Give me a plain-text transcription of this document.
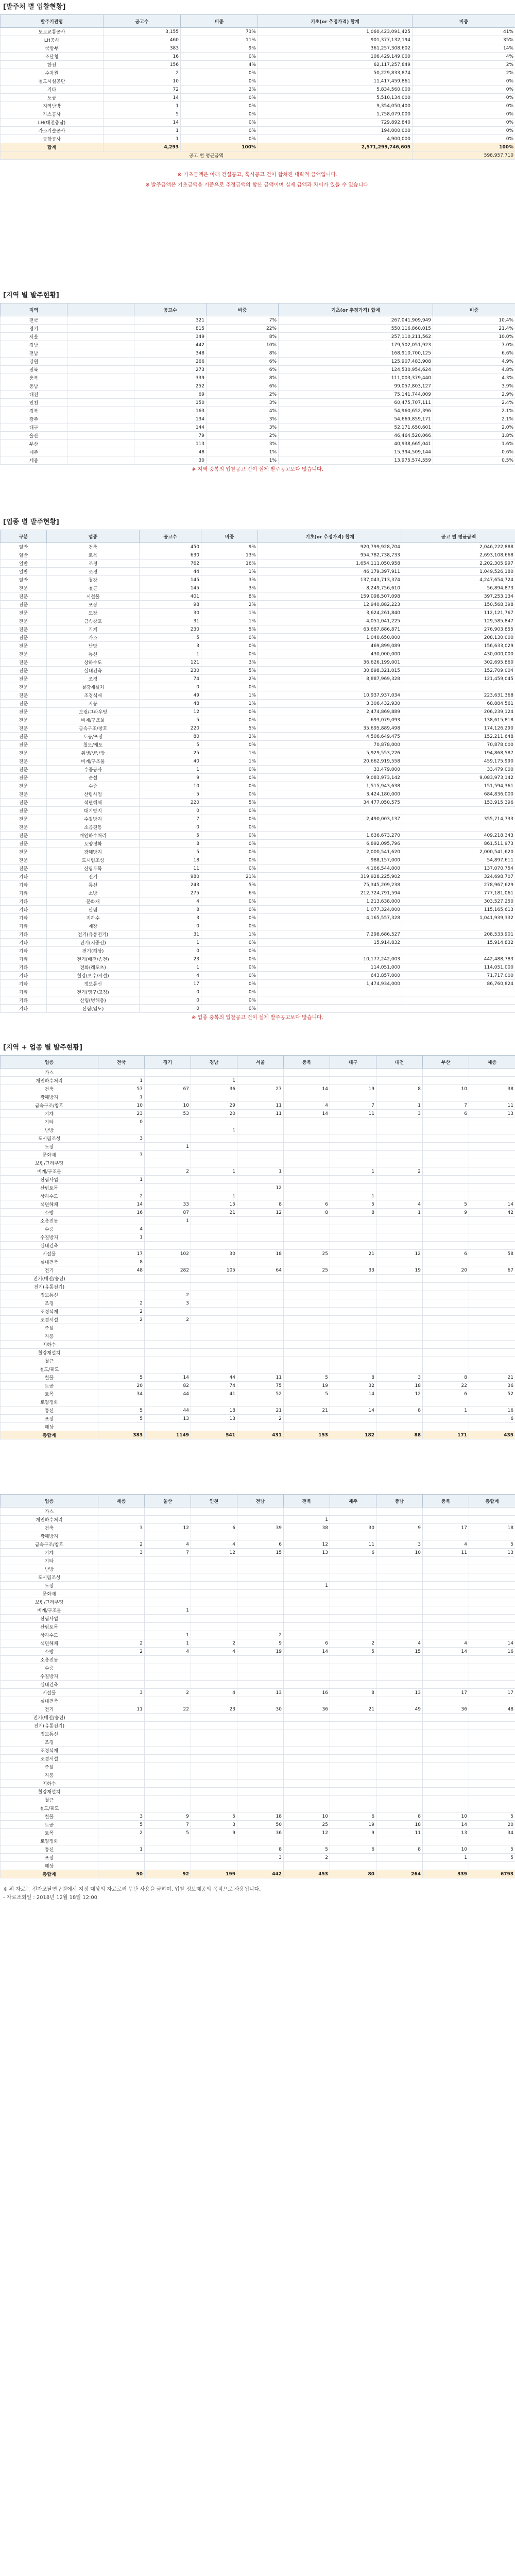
[발주처 별 입찰현황]
발주기관명	공고수	비중	기초(or 추정가격) 합계	비중
도로교통공사	3,155	73%	1,060,423,091,425	41%
LH공사	460	11%	901,377,132,194	35%
국방부	383	9%	361,257,308,602	14%
조달청	16	0%	106,429,149,000	4%
한전	156	4%	62,117,257,849	2%
수자원	2	0%	50,229,833,874	2%
철도시설공단	10	0%	11,417,459,861	0%
기타	72	2%	5,834,560,000	0%
도공	14	0%	5,510,134,000	0%
지역난방	1	0%	9,354,050,400	0%
가스공사	5	0%	1,758,079,000	0%
LH(대전충남)	14	0%	729,892,840	0%
가스기술공사	1	0%	194,000,000	0%
공항공사	1	0%	4,900,000	0%
합계	4,293	100%	2,571,299,746,605	100%
공고 별 평균금액				598,957,710
※ 기초금액은 아래 건설공고, 혹시공고 건이 합쳐진 대략적 금액입니다.
※ 발주금액은 기초금액을 기준으로 추정금액의 합산 금액이며 실제 금액과 차이가 있을 수 있습니다.
[지역 별 발주현황]
지역		공고수	비중	기초(or 추정가격) 합계	비중
전국		321	7%	267,041,909,949	10.4%
경기		815	22%	550,116,860,015	21.4%
서울		349	8%	257,110,211,562	10.0%
경남		442	10%	179,502,051,923	7.0%
전남		348	8%	168,910,700,125	6.6%
강원		266	6%	125,907,483,908	4.9%
전북		273	6%	124,530,954,624	4.8%
충북		339	8%	111,003,379,440	4.3%
충남		252	6%	99,057,803,127	3.9%
대전		69	2%	75,141,744,009	2.9%
인천		150	3%	60,475,707,111	2.4%
경북		163	4%	54,960,652,396	2.1%
광주		134	3%	54,669,859,171	2.1%
대구		144	3%	52,171,650,601	2.0%
울산		79	2%	46,464,520,066	1.8%
부산		113	3%	40,938,665,041	1.6%
제주		48	1%	15,394,509,144	0.6%
세종		30	1%	13,975,574,559	0.5%
※ 지역 중복의 입찰공고 건이 실제 발주공고보다 많습니다.
[업종 별 발주현황]
구분	업종	공고수	비중	기초(or 추정가격) 합계	공고 별 평균금액
일반	건축	450	9%	920,799,928,704	2,046,222,888
일반	토목	630	13%	954,782,738,733	2,693,108,668
일반	조경	762	16%	1,654,111,050,958	2,202,305,997
일반	조경	44	1%	46,179,397,911	1,049,526,180
일반	철강	145	3%	137,043,713,374	4,247,654,724
전문	철근	145	3%	8,249,756,610	56,894,873
전문	시설물	401	8%	159,098,507,098	397,253,134
전문	포장	98	2%	12,940,882,223	150,568,398
전문	도장	30	1%	3,624,261,840	112,121,767
전문	금속창호	31	1%	4,051,041,225	129,585,847
전문	기계	230	5%	63,687,886,871	276,903,855
전문	가스	5	0%	1,040,650,000	208,130,000
전문	난방	3	0%	469,899,089	156,633,029
전문	통신	1	0%	430,000,000	430,000,000
전문	상하수도	121	3%	36,626,199,001	302,695,860
전문	실내건축	230	5%	30,898,321,015	152,709,004
전문	조경	74	2%	8,887,969,328	121,459,045
전문	철강재설치	0	0%		
전문	조경식재	49	1%	10,937,937,034	223,631,368
전문	지붕	48	1%	3,306,432,930	68,884,561
전문	보링/그라우팅	12	0%	2,474,869,889	206,239,124
전문	비계/구조물	5	0%	693,079,093	138,615,818
전문	금속구조/창호	220	5%	35,695,889,498	174,126,290
전문	토공/포장	80	2%	4,506,649,475	152,211,648
전문	철도/궤도	5	0%	70,878,000	70,878,000
전문	위생/냉난방	25	1%	5,929,553,226	194,868,587
전문	비계/구조물	40	1%	20,662,919,558	459,175,990
전문	수중공사	1	0%	33,479,000	33,479,000
전문	준설	9	0%	9,083,973,142	9,083,973,142
전문	수중	10	0%	1,515,943,638	151,594,361
전문	산림사업	5	0%	3,424,180,000	684,836,000
전문	석면해체	220	5%	34,477,050,575	153,915,396
전문	대기방지	0	0%		
전문	수질방지	7	0%	2,490,003,137	355,714,733
전문	소음진동	0	0%		
전문	개인하수처리	5	0%	1,636,673,270	409,218,343
전문	토양정화	8	0%	6,892,095,796	861,511,973
전문	광해방지	5	0%	2,000,541,620	2,000,541,620
전문	도시림조성	18	0%	988,157,000	54,897,611
전문	산림토목	11	0%	4,166,544,000	137,070,754
기타	전기	980	21%	319,928,225,902	324,698,707
기타	통신	243	5%	75,345,209,238	278,967,629
기타	소방	275	6%	212,724,791,594	777,181,061
기타	문화재	4	0%	1,213,638,000	303,527,250
기타	산림	8	0%	1,077,324,000	115,165,613
기타	지하수	3	0%	4,165,557,328	1,041,939,332
기타	계장	0	0%		
기타	전기(유통전기)	31	1%	7,298,686,527	208,533,901
기타	전기(지중선)	1	0%	15,914,832	15,914,832
기타	전기(해상)	0	0%		
기타	전기(배전/송전)	23	0%	10,177,242,003	442,488,783
기타	전화(레포츠)	1	0%	114,051,000	114,051,000
기타	철강(보수/시설)	4	0%	643,857,000	71,717,000
기타	정보통신	17	0%	1,474,934,000	86,760,824
기타	전기(영구/고정)	0	0%		
기타	산림(병해충)	0	0%		
기타	산림(임도)	0	0%		
※ 업종 중복의 입찰공고 건이 실제 발주공고보다 많습니다.
[지역 + 업종 별 발주현황]
업종	전국	경기	경남	서울	충북	대구	대전	부산	세종
가스									
개인하수처리	1		1						
건축	57	67	36	27	14	19	8	10	38
광해방지	1								
금속구조/창호	10	10	29	11	4	7	1	7	11
기계	23	53	20	11	14	11	3	6	13
기타	0								
난방			1						
도시림조성	3								
도장		1							
문화재	7								
보링/그라우팅									
비계/구조물		2	1	1		1	2		
산림사업	1								
산림토목				12					
상하수도	2		1			1			
석면해체	14	33	15	8	6	5	4	5	14
소방	16	87	21	12	8	8	1	9	42
소음진동		1							
수중	4								
수질방지	1								
실내건축									
시설물	17	102	30	18	25	21	12	6	58
실내건축	8								
전기	48	282	105	64	25	33	19	20	67
전기(배전/송전)									
전기(유통전기)									
정보통신		2							
조경	2	3							
조경식재	2								
조경시설	2	2							
준설									
지붕									
지하수									
철강재설치									
철근									
철도/궤도									
철물	5	14	44	11	5	8	3	8	21
토공	20	82	74	75	19	32	18	22	36
토목	34	44	41	52	5	14	12	6	52
토양정화									
통신	5	44	18	21	21	14	8	1	16
포장	5	13	13	2					6
해상									
총합계	383	1149	541	431	153	182	88	171	435
업종	세종	울산	인천	전남	전북	제주	충남	충북	총합계
가스									
개인하수처리					1				
건축	3	12	6	39	38	30	9	17	18
광해방지									
금속구조/창호	2	4	4	6	12	11	3	4	5
기계	3	7	12	15	13	6	10	11	13
기타									
난방									
도시림조성									
도장					1				
문화재									
보링/그라우팅									
비계/구조물		1							
산림사업									
산림토목									
상하수도		1		2					
석면해체	2	1	2	9	6	2	4	4	14
소방	2	4	4	19	14	5	15	14	16
소음진동									
수중									
수질방지									
실내건축									
시설물	3	2	4	13	16	8	13	17	17
실내건축									
전기	11	22	23	30	36	21	49	36	48
전기(배전/송전)									
전기(유통전기)									
정보통신									
조경									
조경식재									
조경시설									
준설									
지붕									
지하수									
철강재설치									
철근									
철도/궤도									
철물	3	9	5	18	10	6	8	10	5
토공	5	7	3	50	25	19	18	14	20
토목	2	5	9	36	12	9	11	13	34
토양정화									
통신	1			8	5	6	8	10	5
포장				3	2			1	5
해상									
총합계	50	92	199	442	453	80	264	339	6793
※ 위 자료는 전자조달연구원에서 지정 대상의 자료로써 무단 사용을 금하며, 입찰 정보제공의 목적으로 사용됩니다.
- 자료조회일 : 2018년 12월 18일 12:00
